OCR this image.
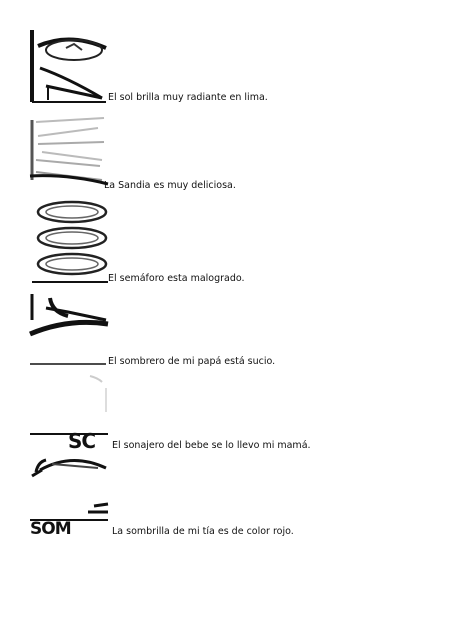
El sol brilla muy radiante en lima.
La Sandia es muy deliciosa.
El semáforo esta malogrado.
El sombrero de mi papá está sucio.
SC El sonajero del bebe se lo llevo mi mamá.
SOM	La sombrilla de mi tía es de color rojo.
